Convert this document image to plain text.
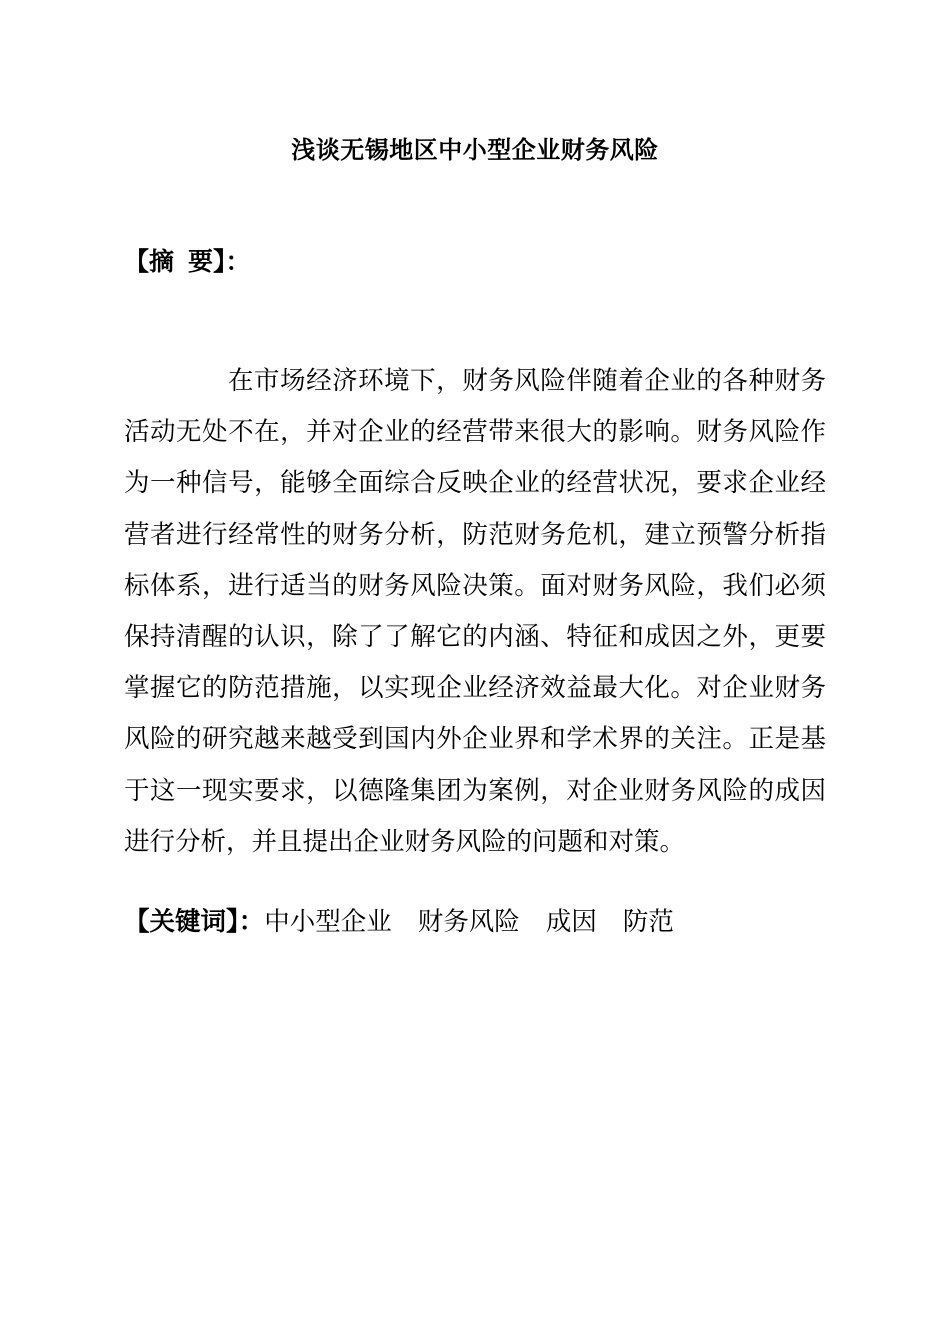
浅谈无锡地区中小型企业财务风险
【摘 要】：

在市场经济环境下，财务风险伴随着企业的各种财务活动无处不在，并对企业的经营带来很大的影响。财务风险作为一种信号，能够全面综合反映企业的经营状况，要求企业经营者进行经常性的财务分析，防范财务危机，建立预警分析指标体系，进行适当的财务风险决策。面对财务风险，我们必须保持清醒的认识，除了了解它的内涵、特征和成因之外，更要掌握它的防范措施，以实现企业经济效益最大化。对企业财务风险的研究越来越受到国内外企业界和学术界的关注。正是基于这一现实要求，以德隆集团为案例，对企业财务风险的成因进行分析，并且提出企业财务风险的问题和对策。

【关键词】：中小型企业 财务风险 成因 防范
